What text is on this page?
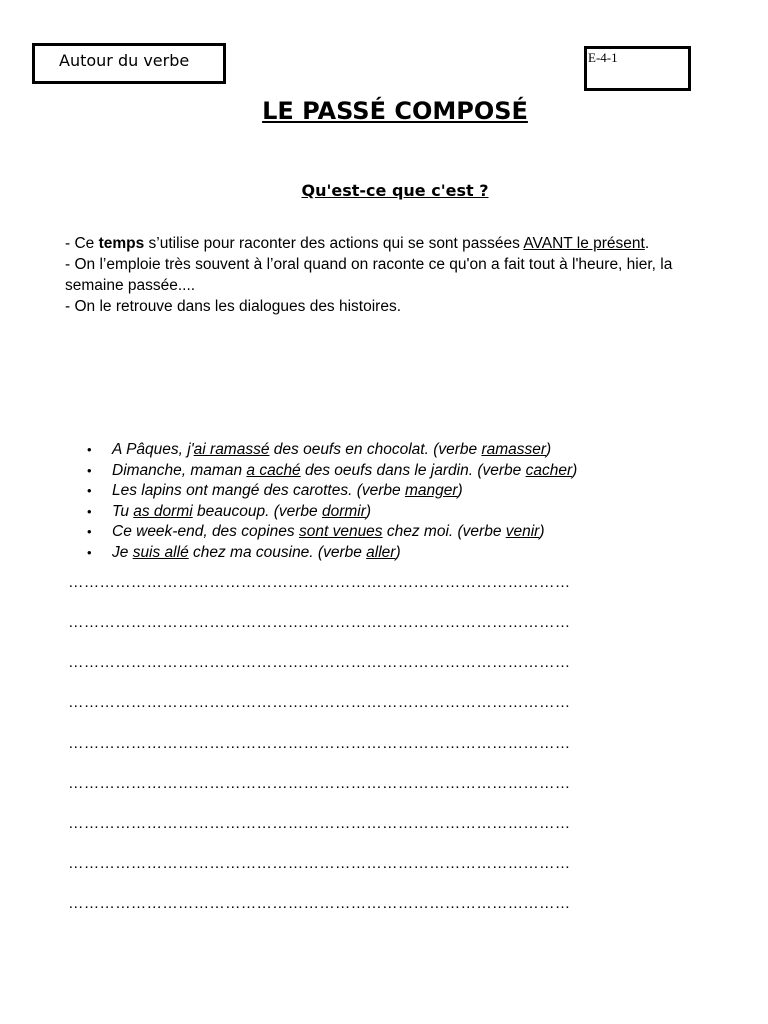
Autour du verbe	E-4-1
LE PASSÉ COMPOSÉ
Qu'est-ce que c'est ?

- Ce temps s’utilise pour raconter des actions qui se sont passées AVANT le présent.

- On l’emploie très souvent à l’oral quand on raconte ce qu'on a fait tout à l'heure, hier, la semaine passée....

- On le retrouve dans les dialogues des histoires.

• A Pâques, j'ai ramassé des oeufs en chocolat. (verbe ramasser)
• Dimanche, maman a caché des oeufs dans le jardin. (verbe cacher)
• Les lapins ont mangé des carottes. (verbe manger)
• Tu as dormi beaucoup. (verbe dormir)
• Ce week-end, des copines sont venues chez moi. (verbe venir)
• Je suis allé chez ma cousine. (verbe aller)
……………………………………………………………………………………
……………………………………………………………………………………
……………………………………………………………………………………
……………………………………………………………………………………
……………………………………………………………………………………
……………………………………………………………………………………
……………………………………………………………………………………
……………………………………………………………………………………
……………………………………………………………………………………
